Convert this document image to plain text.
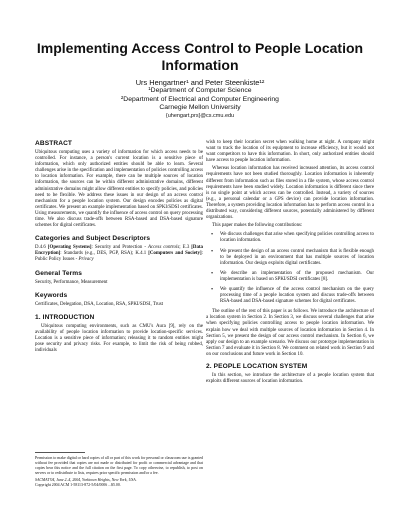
Implementing Access Control to People Location Information
Urs Hengartner¹ and Peter Steenkiste¹²
¹Department of Computer Science
²Department of Electrical and Computer Engineering
Carnegie Mellon University
{uhengart,prs}@cs.cmu.edu
ABSTRACT

Ubiquitous computing uses a variety of information for which access needs to be controlled. For instance, a person's current location is a sensitive piece of information, which only authorized entities should be able to learn. Several challenges arise in the specification and implementation of policies controlling access to location information. For example, there can be multiple sources of location information, the sources can be within different administrative domains, different administrative domains might allow different entities to specify policies, and policies need to be flexible. We address these issues in our design of an access control mechanism for a people location system. Our design encodes policies as digital certificates. We present an example implementation based on SPKI/SDSI certificates. Using measurements, we quantify the influence of access control on query processing time. We also discuss trade-offs between RSA-based and DSA-based signature schemes for digital certificates.

Categories and Subject Descriptors

D.4.6 [Operating Systems]: Security and Protection - Access controls; E.3 [Data Encryption]: Standards (e.g., DES, PGP, RSA); K.4.1 [Computers and Society]: Public Policy Issues - Privacy

General Terms

Security, Performance, Measurement

Keywords

Certificates, Delegation, DSA, Location, RSA, SPKI/SDSI, Trust

1. INTRODUCTION

Ubiquitous computing environments, such as CMU's Aura [9], rely on the availability of people location information to provide location-specific services. Location is a sensitive piece of information; releasing it to random entities might pose security and privacy risks. For example, to limit the risk of being robbed, individuals

Permission to make digital or hard copies of all or part of this work for personal or classroom use is granted without fee provided that copies are not made or distributed for profit or commercial advantage and that copies bear this notice and the full citation on the first page. To copy otherwise, to republish, to post on servers or to redistribute to lists, requires prior specific permission and/or a fee.

SACMAT'04, June 2–4, 2004, Yorktown Heights, New York, USA.

Copyright 2004 ACM 1-58113-872-5/04/0006 ...$5.00.

wish to keep their location secret when walking home at night. A company might want to track the location of its equipment to increase efficiency, but it would not want competitors to have this information. In short, only authorized entities should have access to people location information.

Whereas location information has received increased attention, its access control requirements have not been studied thoroughly. Location information is inherently different from information such as files stored in a file system, whose access control requirements have been studied widely. Location information is different since there is no single point at which access can be controlled. Instead, a variety of sources (e.g., a personal calendar or a GPS device) can provide location information. Therefore, a system providing location information has to perform access control in a distributed way, considering different sources, potentially administered by different organizations.

This paper makes the following contributions:

• We discuss challenges that arise when specifying policies controlling access to location information.
• We present the design of an access control mechanism that is flexible enough to be deployed in an environment that has multiple sources of location information. Our design exploits digital certificates.
• We describe an implementation of the proposed mechanism. Our implementation is based on SPKI/SDSI certificates [8].
• We quantify the influence of the access control mechanism on the query processing time of a people location system and discuss trade-offs between RSA-based and DSA-based signature schemes for digital certificates.

The outline of the rest of this paper is as follows. We introduce the architecture of a location system in Section 2. In Section 3, we discuss several challenges that arise when specifying policies controlling access to people location information. We explain how we deal with multiple sources of location information in Section 4. In Section 5, we present the design of our access control mechanism. In Section 6, we apply our design to an example scenario. We discuss our prototype implementation in Section 7 and evaluate it in Section 8. We comment on related work in Section 9 and on our conclusions and future work in Section 10.

2. PEOPLE LOCATION SYSTEM

In this section, we introduce the architecture of a people location system that exploits different sources of location information.
